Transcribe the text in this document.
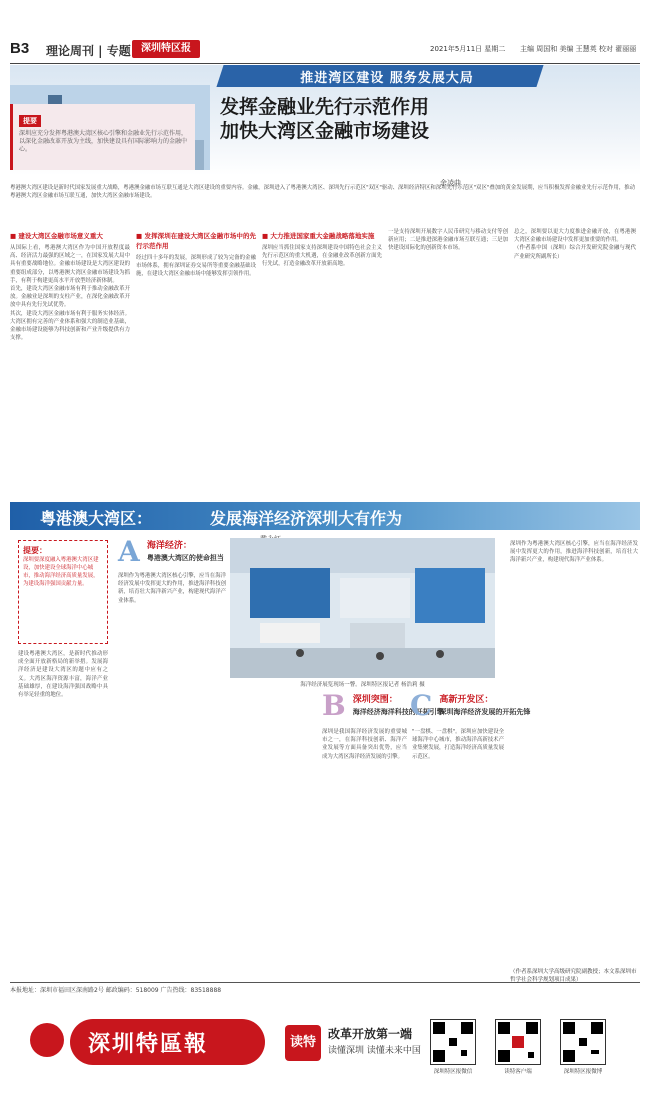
B3 理论周刊 | 专题	深圳特区报	2021年5月11日 星期二 主编 周国和 美编 王慧英 校对 翟丽丽
推进湾区建设 服务发展大局
发挥金融业先行示范作用
加快大湾区金融市场建设
提要
深圳应充分发挥粤港澳大湾区核心引擎和金融业先行示范作用，以深化金融改革开放为主线，加快建设具有国际影响力的金融中心。
余凌曲
粤港澳大湾区建设是新时代国家发展重大战略，粤港澳金融市场互联互通是大湾区建设的重要内容。金融，深圳进入了粤港澳大湾区、深圳先行示范区"双区"驱动、深圳经济特区和深圳先行示范区"双区"叠加的黄金发展期，应当积极发挥金融业先行示范作用，推动粤港澳大湾区金融市场互联互通，加快大湾区金融市场建设。
■ 建设大湾区金融市场意义重大
从国际上看，粤港澳大湾区作为中国开放程度最高、经济活力最强的区域之一，在国家发展大局中具有重要战略地位。金融市场建设是大湾区建设的重要组成部分，以粤港澳大湾区金融市场建设为抓手，有利于构建更高水平开放型经济新体制。
首先，建设大湾区金融市场有利于推动金融改革开放。金融业是深圳的支柱产业，在深化金融改革开放中具有先行先试优势。
其次，建设大湾区金融市场有利于服务实体经济。大湾区拥有完善的产业体系和强大的制造业基础，金融市场建设能够为科技创新和产业升级提供有力支撑。
■ 发挥深圳在建设大湾区金融市场中的先行示范作用
经过四十多年的发展，深圳形成了较为完备的金融市场体系，拥有深圳证券交易所等重要金融基础设施，在建设大湾区金融市场中能够发挥引领作用。
■ 大力推进国家重大金融战略落地实施
深圳应当抓住国家支持深圳建设中国特色社会主义先行示范区的重大机遇，在金融业改革创新方面先行先试，打造金融改革开放新高地。
一是支持深圳开展数字人民币研究与移动支付等创新应用；二是推进深港金融市场互联互通；三是加快建设国际化的创新资本市场。
总之，深圳要以更大力度推进金融开放，在粤港澳大湾区金融市场建设中发挥更加重要的作用。
（作者系中国（深圳）综合开发研究院金融与现代产业研究所副所长）
粤港澳大湾区：	发展海洋经济深圳大有作为
提要：
深圳要深度融入粤港澳大湾区建设，加快建设全球海洋中心城市，推动海洋经济高质量发展，为建设海洋强国贡献力量。
建设粤港澳大湾区，是新时代推动形成全面开放新格局的新举措。发展海洋经济是建设大湾区的题中应有之义。大湾区海洋资源丰富，海洋产业基础雄厚，在建设海洋强国战略中具有举足轻重的地位。
A 海洋经济：
粤港澳大湾区的使命担当
深圳作为粤港澳大湾区核心引擎，应当在海洋经济发展中发挥更大的作用，推进海洋科技创新，培育壮大海洋新兴产业，构建现代海洋产业体系。
海洋经济展览现场一瞥。深圳特区报记者 杨浩莉 摄
B 深圳突围：
海洋经济海洋科技的开拓引擎
深圳是我国海洋经济发展的重要城市之一，在海洋科技创新、海洋产业发展等方面具备突出优势，应当成为大湾区海洋经济发展的引擎。
C 高新开发区：
深圳海洋经济发展的开拓先锋
"一盘棋、一盘棋"。深圳应加快建设全球海洋中心城市，推动海洋高新技术产业集聚发展，打造海洋经济高质量发展示范区。
深圳作为粤港澳大湾区核心引擎，应当在海洋经济发展中发挥更大的作用，推进海洋科技创新，培育壮大海洋新兴产业，构建现代海洋产业体系。
（作者系深圳大学高级研究院副教授；本文系深圳市哲学社会科学规划项目成果）
本报地址：深圳市福田区深南路2号 邮政编码：518009 广告热线：83518888
深圳特區報	读特
改革开放第一端
读懂深圳 读懂未来中国
深圳特区报微信	读特客户端	深圳特区报微博
